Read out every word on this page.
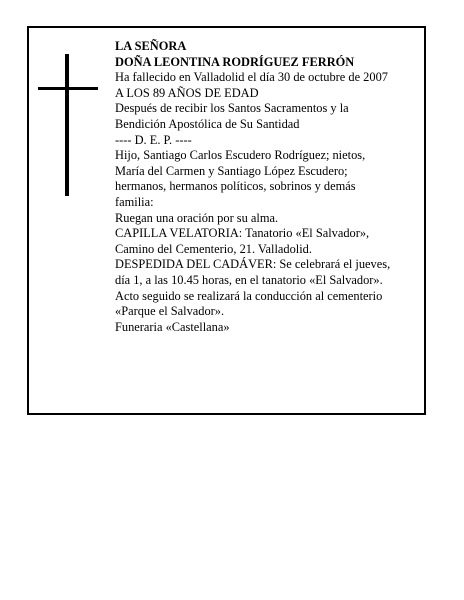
LA SEÑORA
DOÑA LEONTINA RODRÍGUEZ FERRÓN
Ha fallecido en Valladolid el día 30 de octubre de 2007
A LOS 89 AÑOS DE EDAD
Después de recibir los Santos Sacramentos y la
Bendición Apostólica de Su Santidad
---- D. E. P. ----
Hijo, Santiago Carlos Escudero Rodríguez; nietos,
María del Carmen y Santiago López Escudero;
hermanos, hermanos políticos, sobrinos y demás
familia:
Ruegan una oración por su alma.
CAPILLA VELATORIA: Tanatorio «El Salvador»,
Camino del Cementerio, 21. Valladolid.
DESPEDIDA DEL CADÁVER: Se celebrará el jueves,
día 1, a las 10.45 horas, en el tanatorio «El Salvador».
Acto seguido se realizará la conducción al cementerio
«Parque el Salvador».
Funeraria «Castellana»
